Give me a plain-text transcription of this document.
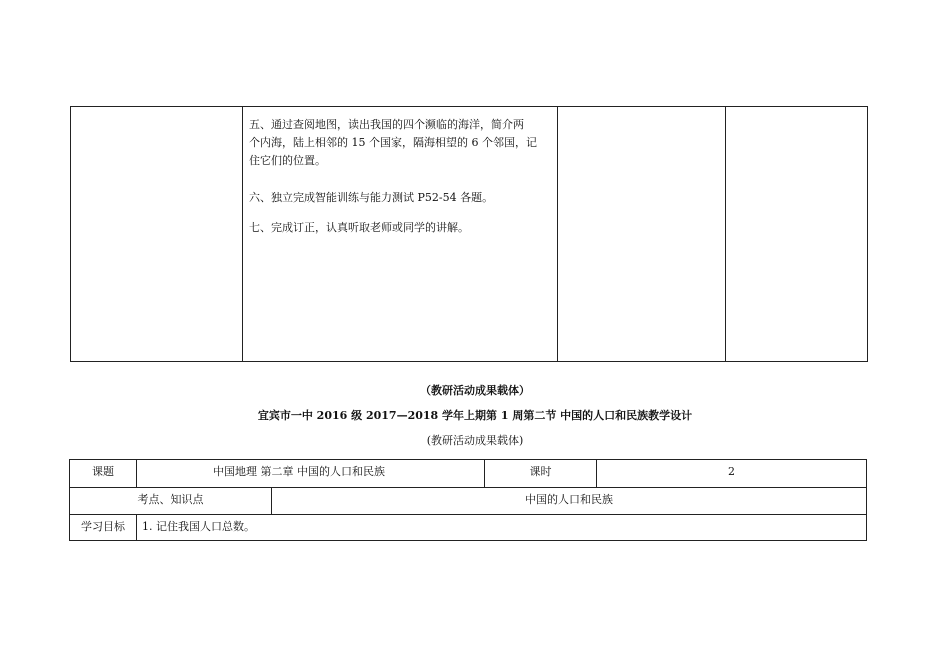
五、通过查阅地图，读出我国的四个濒临的海洋，简介两
个内海，陆上相邻的 15 个国家，隔海相望的 6 个邻国，记
住它们的位置。
六、独立完成智能训练与能力测试 P52-54 各题。
七、完成订正，认真听取老师或同学的讲解。
（教研活动成果载体）
宜宾市一中 2016 级 2017—2018 学年上期第 1 周第二节 中国的人口和民族教学设计
(教研活动成果载体)
课题	中国地理 第二章 中国的人口和民族	课时	2
考点、知识点	中国的人口和民族
学习目标	1. 记住我国人口总数。
